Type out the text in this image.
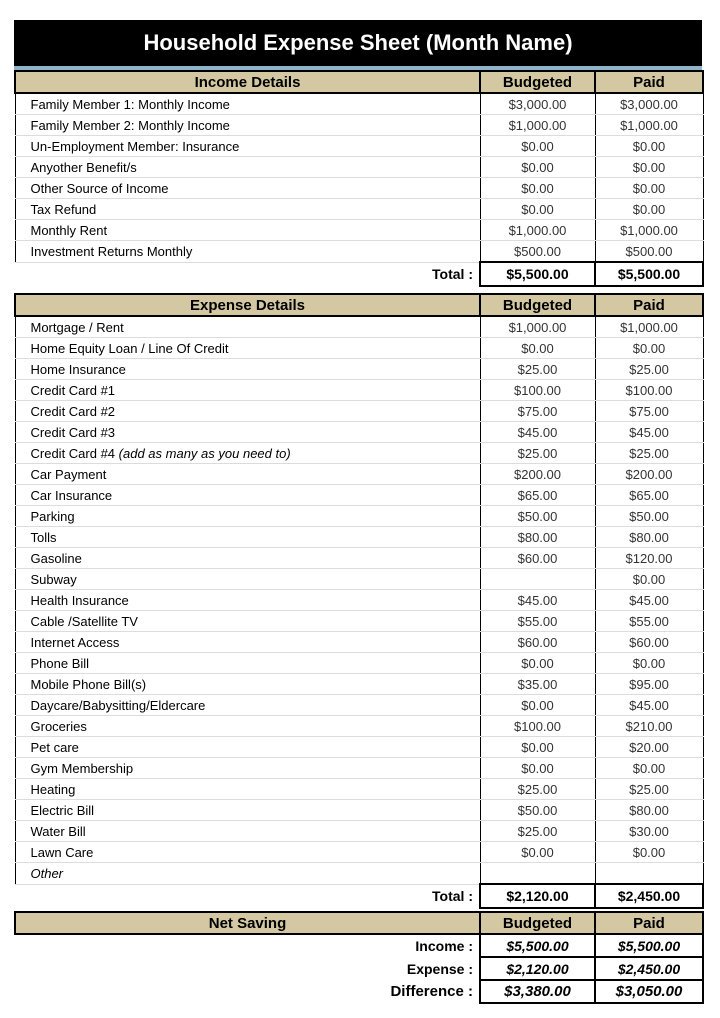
Household Expense Sheet (Month Name)
Income Details	Budgeted	Paid
Family Member 1: Monthly Income	$3,000.00	$3,000.00
Family Member 2: Monthly Income	$1,000.00	$1,000.00
Un-Employment Member: Insurance	$0.00	$0.00
Anyother Benefit/s	$0.00	$0.00
Other Source of Income	$0.00	$0.00
Tax Refund	$0.00	$0.00
Monthly Rent	$1,000.00	$1,000.00
Investment Returns Monthly	$500.00	$500.00
Total :	$5,500.00	$5,500.00
Expense Details	Budgeted	Paid
Mortgage / Rent	$1,000.00	$1,000.00
Home Equity Loan / Line Of Credit	$0.00	$0.00
Home Insurance	$25.00	$25.00
Credit Card #1	$100.00	$100.00
Credit Card #2	$75.00	$75.00
Credit Card #3	$45.00	$45.00
Credit Card #4 (add as many as you need to)	$25.00	$25.00
Car Payment	$200.00	$200.00
Car Insurance	$65.00	$65.00
Parking	$50.00	$50.00
Tolls	$80.00	$80.00
Gasoline	$60.00	$120.00
Subway		$0.00
Health Insurance	$45.00	$45.00
Cable /Satellite TV	$55.00	$55.00
Internet Access	$60.00	$60.00
Phone Bill	$0.00	$0.00
Mobile Phone Bill(s)	$35.00	$95.00
Daycare/Babysitting/Eldercare	$0.00	$45.00
Groceries	$100.00	$210.00
Pet care	$0.00	$20.00
Gym Membership	$0.00	$0.00
Heating	$25.00	$25.00
Electric Bill	$50.00	$80.00
Water Bill	$25.00	$30.00
Lawn Care	$0.00	$0.00
Other		
Total :	$2,120.00	$2,450.00
Net Saving	Budgeted	Paid
Income :	$5,500.00	$5,500.00
Expense :	$2,120.00	$2,450.00
Difference :	$3,380.00	$3,050.00
